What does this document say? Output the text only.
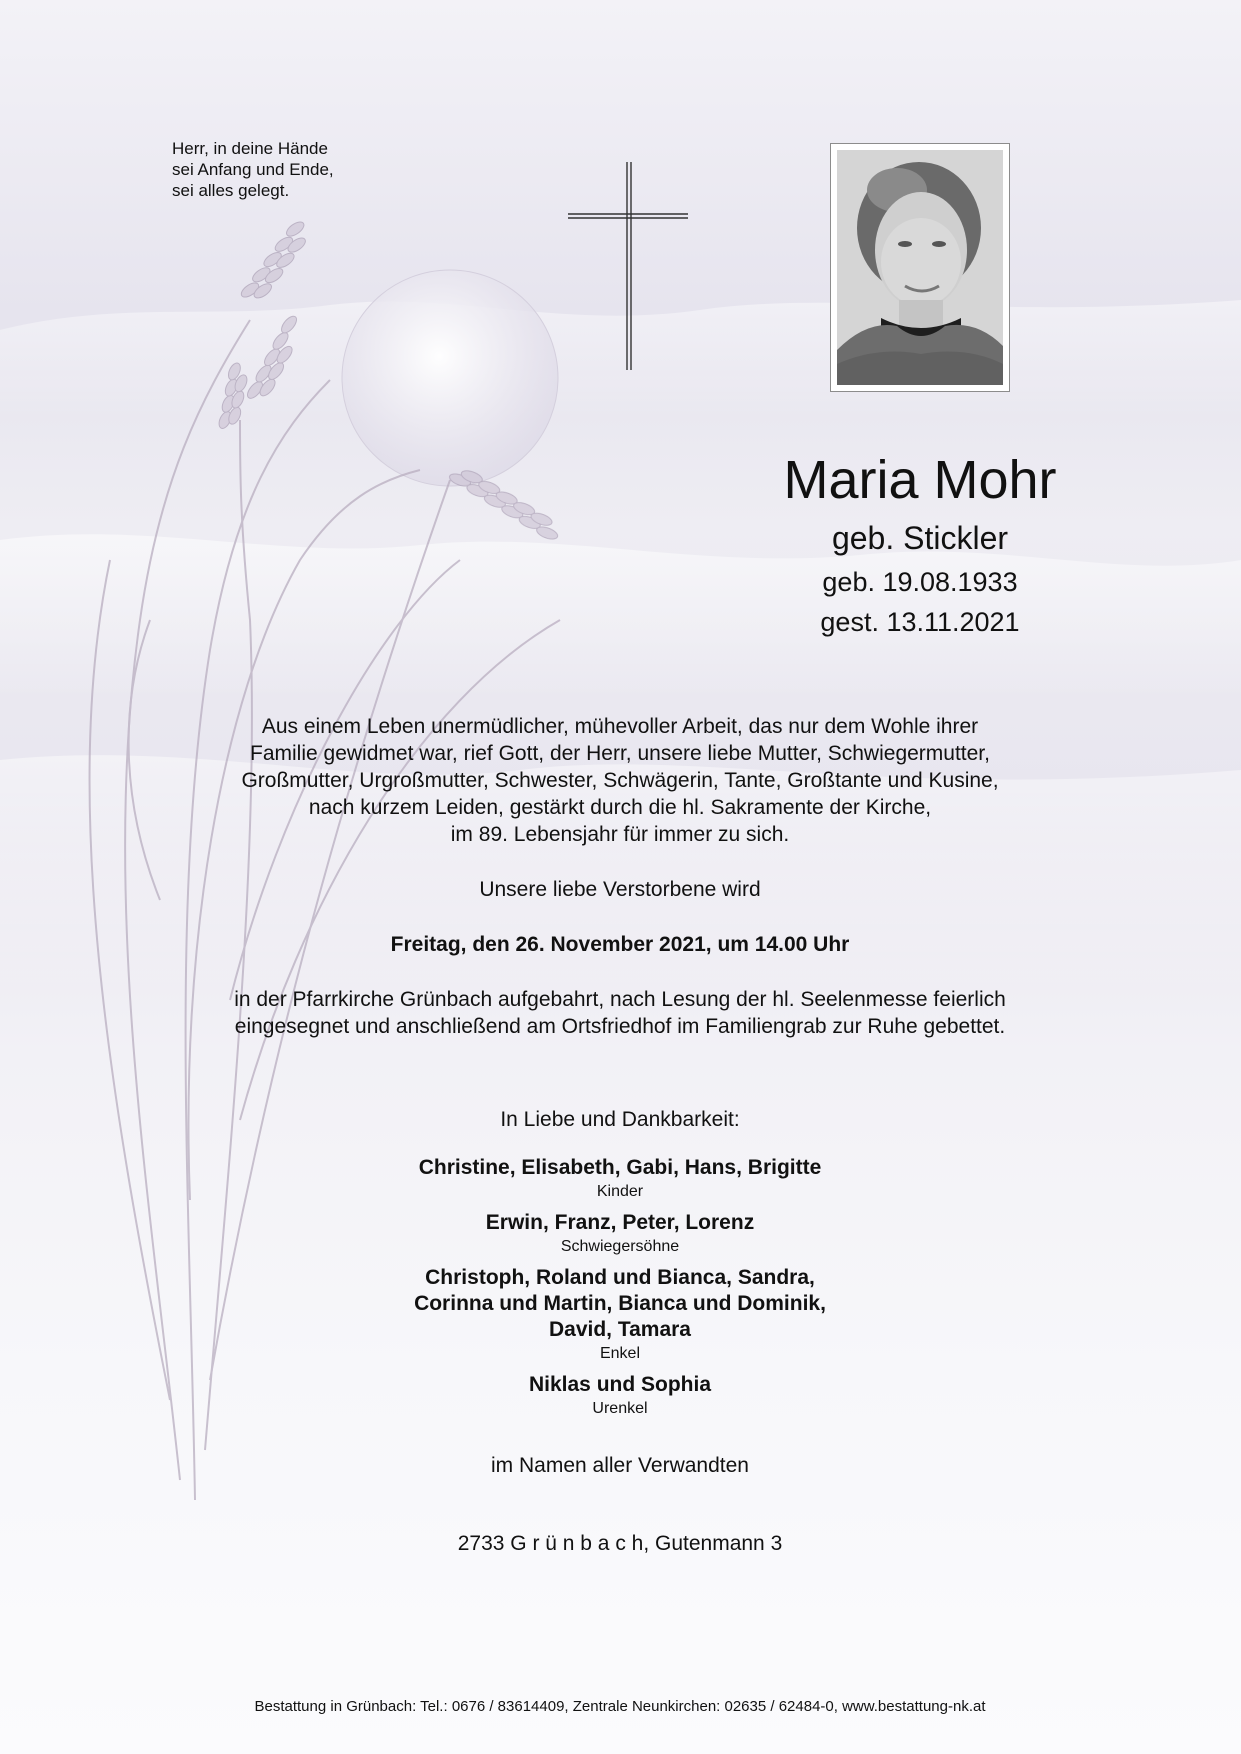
Herr, in deine Hände
sei Anfang und Ende,
sei alles gelegt.
Maria Mohr
geb. Stickler
geb. 19.08.1933
gest. 13.11.2021

Aus einem Leben unermüdlicher, mühevoller Arbeit, das nur dem Wohle ihrer
Familie gewidmet war, rief Gott, der Herr, unsere liebe Mutter, Schwiegermutter,
Großmutter, Urgroßmutter, Schwester, Schwägerin, Tante, Großtante und Kusine,
nach kurzem Leiden, gestärkt durch die hl. Sakramente der Kirche,
im 89. Lebensjahr für immer zu sich.

Unsere liebe Verstorbene wird

Freitag, den 26. November 2021, um 14.00 Uhr

in der Pfarrkirche Grünbach aufgebahrt, nach Lesung der hl. Seelenmesse feierlich
eingesegnet und anschließend am Ortsfriedhof im Familiengrab zur Ruhe gebettet.

In Liebe und Dankbarkeit:
Christine, Elisabeth, Gabi, Hans, Brigitte
Kinder
Erwin, Franz, Peter, Lorenz
Schwiegersöhne
Christoph, Roland und Bianca, Sandra,
Corinna und Martin, Bianca und Dominik,
David, Tamara
Enkel
Niklas und Sophia
Urenkel
im Namen aller Verwandten
2733 G r ü n b a c h, Gutenmann 3
Bestattung in Grünbach: Tel.: 0676 / 83614409, Zentrale Neunkirchen: 02635 / 62484-0, www.bestattung-nk.at
